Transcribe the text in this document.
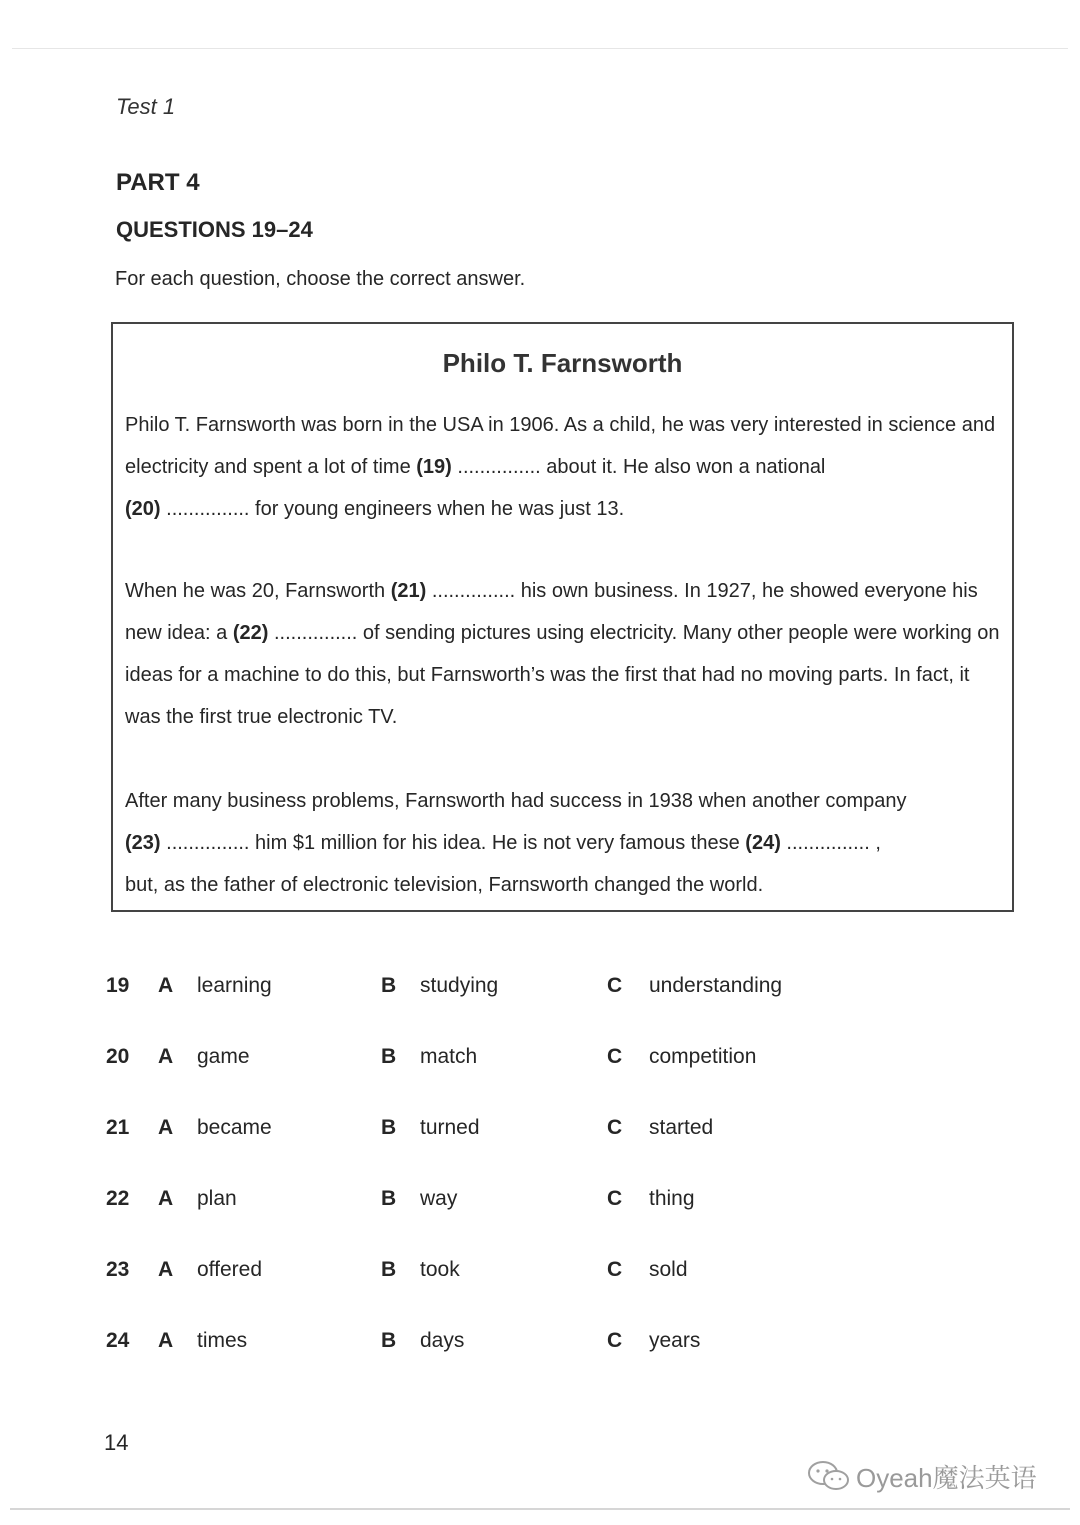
Test 1
PART 4
QUESTIONS 19–24
For each question, choose the correct answer.
Philo T. Farnsworth
Philo T. Farnsworth was born in the USA in 1906. As a child, he was very interested in science and electricity and spent a lot of time (19) ............... about it. He also won a national
(20) ............... for young engineers when he was just 13.
When he was 20, Farnsworth (21) ............... his own business. In 1927, he showed everyone his new idea: a (22) ............... of sending pictures using electricity. Many other people were working on ideas for a machine to do this, but Farnsworth’s was the first that had no moving parts. In fact, it was the first true electronic TV.
After many business problems, Farnsworth had success in 1938 when another company
(23) ............... him $1 million for his idea. He is not very famous these (24) ............... ,
but, as the father of electronic television, Farnsworth changed the world.
19 A learning	B studying	C understanding
20 A game	B match	C competition
21 A became	B turned	C started
22 A plan	B way	C thing
23 A offered	B took	C sold
24 A times	B days	C years
14
Oyeah魔法英语
